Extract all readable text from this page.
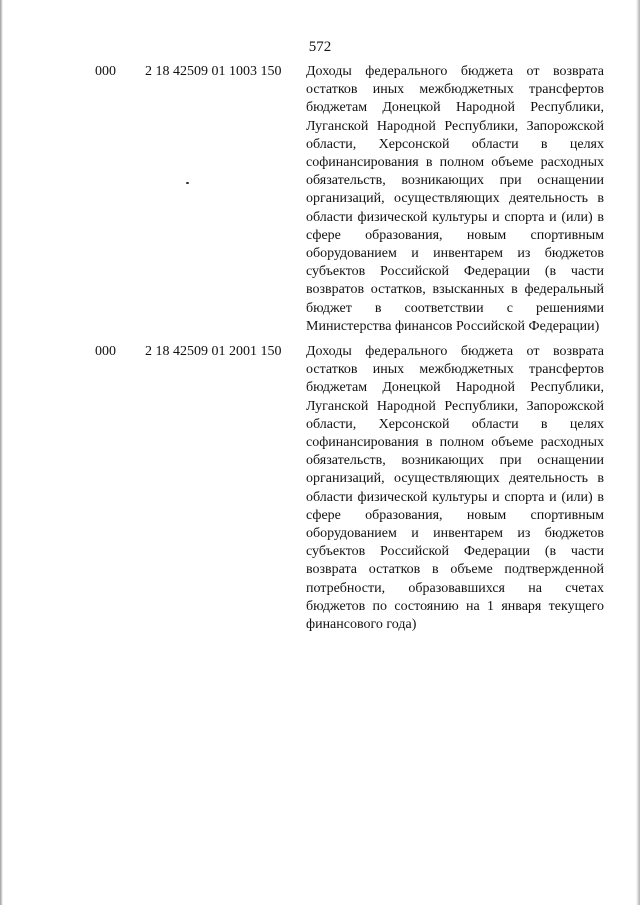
572
000 2 18 42509 01 1003 150 Доходы федерального бюджета от возврата остатков иных межбюджетных трансфертов бюджетам Донецкой Народной Республики, Луганской Народной Республики, Запорожской области, Херсонской области в целях софинансирования в полном объеме расходных обязательств, возникающих при оснащении организаций, осуществляющих деятельность в области физической культуры и спорта и (или) в сфере образования, новым спортивным оборудованием и инвентарем из бюджетов субъектов Российской Федерации (в части возвратов остатков, взысканных в федеральный бюджет в соответствии с решениями Министерства финансов Российской Федерации)
000 2 18 42509 01 2001 150 Доходы федерального бюджета от возврата остатков иных межбюджетных трансфертов бюджетам Донецкой Народной Республики, Луганской Народной Республики, Запорожской области, Херсонской области в целях софинансирования в полном объеме расходных обязательств, возникающих при оснащении организаций, осуществляющих деятельность в области физической культуры и спорта и (или) в сфере образования, новым спортивным оборудованием и инвентарем из бюджетов субъектов Российской Федерации (в части возврата остатков в объеме подтвержденной потребности, образовавшихся на счетах бюджетов по состоянию на 1 января текущего финансового года)
